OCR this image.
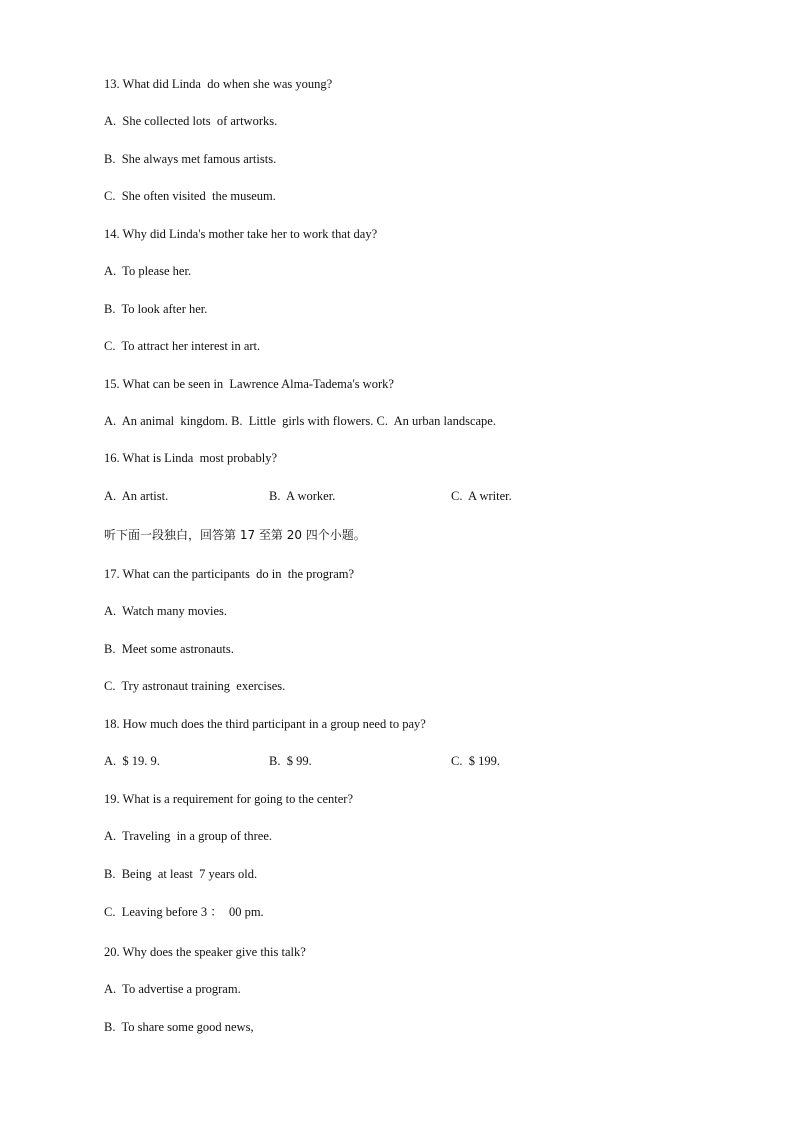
13. What did Linda  do when she was young?

A.  She collected lots  of artworks.

B.  She always met famous artists.

C.  She often visited  the museum.

14. Why did Linda's mother take her to work that day?

A.  To please her.

B.  To look after her.

C.  To attract her interest in art.

15. What can be seen in  Lawrence Alma-Tadema's work?

A.  An animal  kingdom. B.  Little  girls with flowers. C.  An urban landscape.

16. What is Linda  most probably?

A.  An artist.	B.  A worker.	C.  A writer.

听下面一段独白，回答第 17 至第 20 四个小题。

17. What can the participants  do in  the program?

A.  Watch many movies.

B.  Meet some astronauts.

C.  Try astronaut training  exercises.

18. How much does the third participant in a group need to pay?

A.  $ 19. 9.	B.  $ 99.	C.  $ 199.

19. What is a requirement for going to the center?

A.  Traveling  in a group of three.

B.  Being  at least  7 years old.

C.  Leaving before 3 ：  00 pm.

20. Why does the speaker give this talk?

A.  To advertise a program.

B.  To share some good news,
